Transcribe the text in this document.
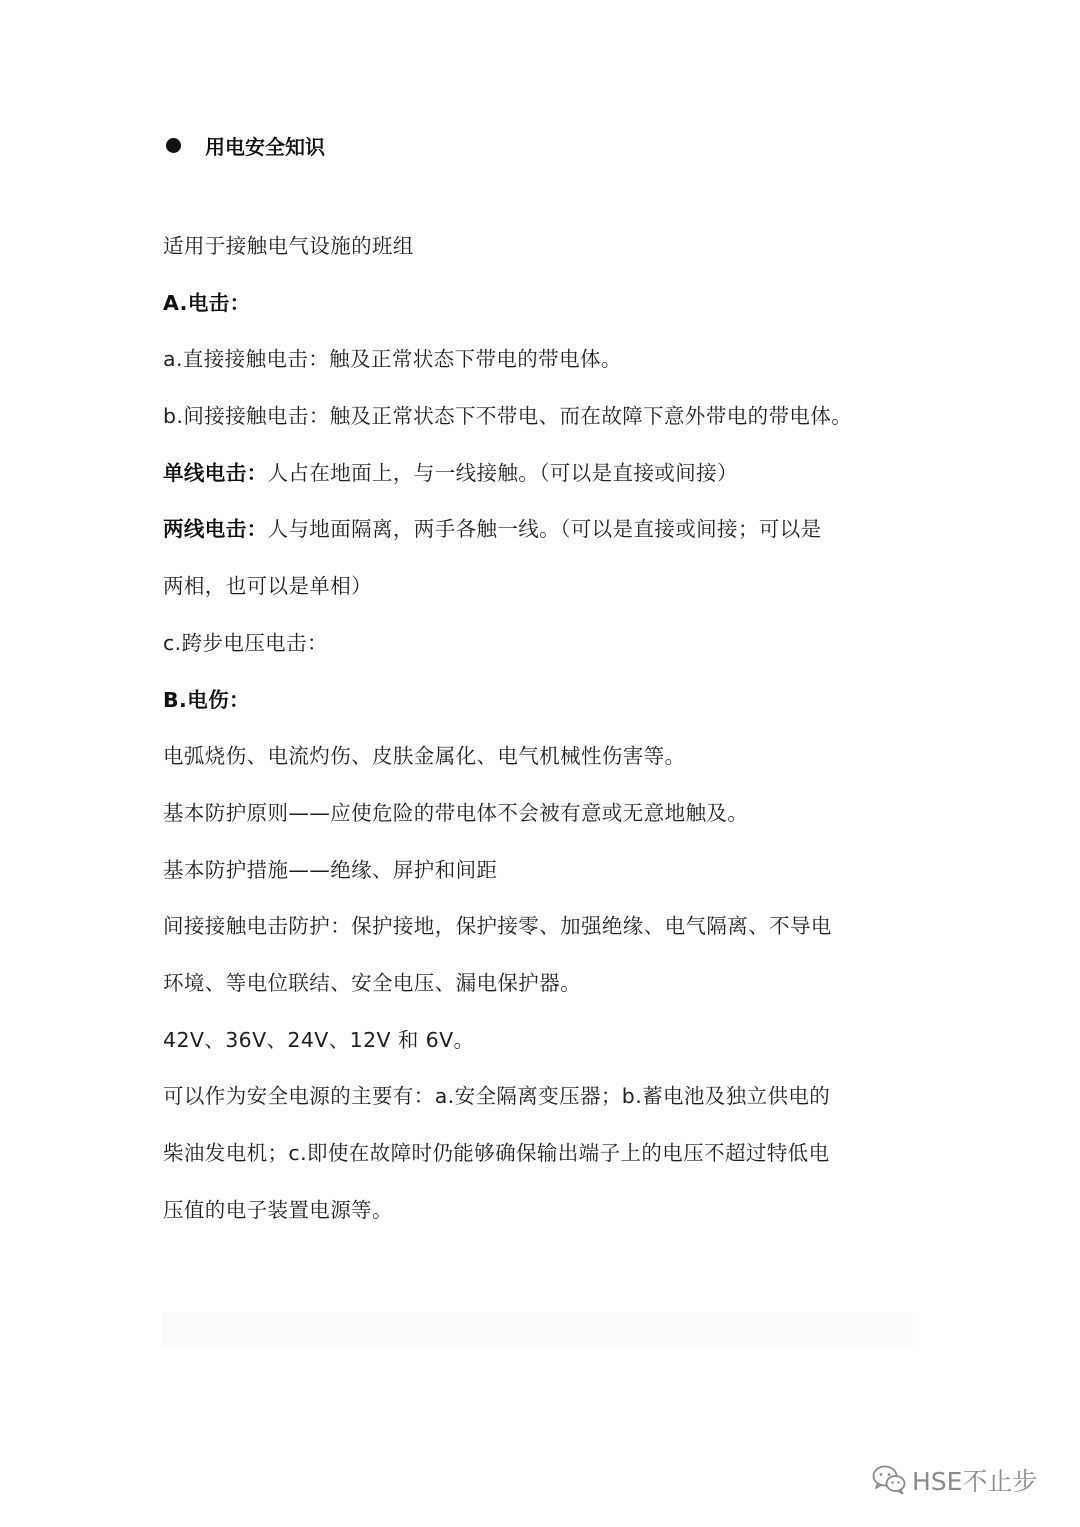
用电安全知识
适用于接触电气设施的班组
A.电击：
a.直接接触电击：触及正常状态下带电的带电体。
b.间接接触电击：触及正常状态下不带电、而在故障下意外带电的带电体。
单线电击：人占在地面上，与一线接触。（可以是直接或间接）
两线电击：人与地面隔离，两手各触一线。（可以是直接或间接；可以是
两相，也可以是单相）
c.跨步电压电击：
B.电伤：
电弧烧伤、电流灼伤、皮肤金属化、电气机械性伤害等。
基本防护原则——应使危险的带电体不会被有意或无意地触及。
基本防护措施——绝缘、屏护和间距
间接接触电击防护：保护接地，保护接零、加强绝缘、电气隔离、不导电
环境、等电位联结、安全电压、漏电保护器。
42V、36V、24V、12V 和 6V。
可以作为安全电源的主要有：a.安全隔离变压器；b.蓄电池及独立供电的
柴油发电机；c.即使在故障时仍能够确保输出端子上的电压不超过特低电
压值的电子装置电源等。
HSE不止步
